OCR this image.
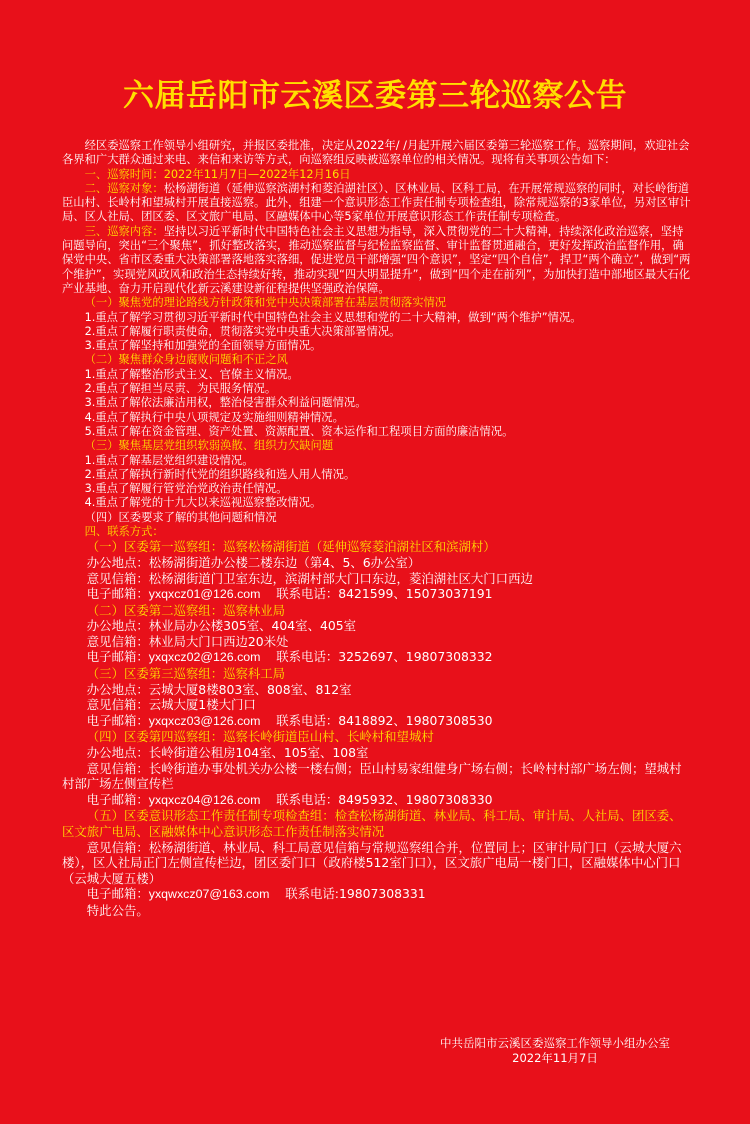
六届岳阳市云溪区委第三轮巡察公告

经区委巡察工作领导小组研究，并报区委批准，决定从2022年/ /月起开展六届区委第三轮巡察工作。巡察期间，欢迎社会各界和广大群众通过来电、来信和来访等方式，向巡察组反映被巡察单位的相关情况。现将有关事项公告如下：

一、巡察时间：2022年11月7日—2022年12月16日

二、巡察对象：松杨湖街道（延伸巡察滨湖村和菱泊湖社区）、区林业局、区科工局，在开展常规巡察的同时，对长岭街道臣山村、长岭村和望城村开展直接巡察。此外，组建一个意识形态工作责任制专项检查组，除常规巡察的3家单位，另对区审计局、区人社局、团区委、区文旅广电局、区融媒体中心等5家单位开展意识形态工作责任制专项检查。

三、巡察内容：坚持以习近平新时代中国特色社会主义思想为指导，深入贯彻党的二十大精神，持续深化政治巡察，坚持问题导向，突出“三个聚焦”，抓好整改落实，推动巡察监督与纪检监察监督、审计监督贯通融合，更好发挥政治监督作用，确保党中央、省市区委重大决策部署落地落实落细，促进党员干部增强“四个意识”，坚定“四个自信”，捍卫“两个确立”，做到“两个维护”，实现党风政风和政治生态持续好转，推动实现“四大明显提升”，做到“四个走在前列”，为加快打造中部地区最大石化产业基地、奋力开启现代化新云溪建设新征程提供坚强政治保障。

（一）聚焦党的理论路线方针政策和党中央决策部署在基层贯彻落实情况

1.重点了解学习贯彻习近平新时代中国特色社会主义思想和党的二十大精神，做到“两个维护”情况。

2.重点了解履行职责使命，贯彻落实党中央重大决策部署情况。

3.重点了解坚持和加强党的全面领导方面情况。

（二）聚焦群众身边腐败问题和不正之风

1.重点了解整治形式主义、官僚主义情况。

2.重点了解担当尽责、为民服务情况。

3.重点了解依法廉洁用权，整治侵害群众利益问题情况。

4.重点了解执行中央八项规定及实施细则精神情况。

5.重点了解在资金管理、资产处置、资源配置、资本运作和工程项目方面的廉洁情况。

（三）聚焦基层党组织软弱涣散、组织力欠缺问题

1.重点了解基层党组织建设情况。

2.重点了解执行新时代党的组织路线和选人用人情况。

3.重点了解履行管党治党政治责任情况。

4.重点了解党的十九大以来巡视巡察整改情况。

（四）区委要求了解的其他问题和情况

四、联系方式：

（一）区委第一巡察组：巡察松杨湖街道（延伸巡察菱泊湖社区和滨湖村）

办公地点：松杨湖街道办公楼二楼东边（第4、5、6办公室）

意见信箱：松杨湖街道门卫室东边，滨湖村部大门口东边，菱泊湖社区大门口西边

电子邮箱：yxqxcz01@126.com 联系电话：8421599、15073037191

（二）区委第二巡察组：巡察林业局

办公地点：林业局办公楼305室、404室、405室

意见信箱：林业局大门口西边20米处

电子邮箱：yxqxcz02@126.com 联系电话：3252697、19807308332

（三）区委第三巡察组：巡察科工局

办公地点：云城大厦8楼803室、808室、812室

意见信箱：云城大厦1楼大门口

电子邮箱：yxqxcz03@126.com 联系电话：8418892、19807308530

（四）区委第四巡察组：巡察长岭街道臣山村、长岭村和望城村

办公地点：长岭街道公租房104室、105室、108室

意见信箱：长岭街道办事处机关办公楼一楼右侧；臣山村易家组健身广场右侧；长岭村村部广场左侧；望城村村部广场左侧宣传栏

电子邮箱：yxqxcz04@126.com 联系电话：8495932、19807308330

（五）区委意识形态工作责任制专项检查组：检查松杨湖街道、林业局、科工局、审计局、人社局、团区委、区文旅广电局、区融媒体中心意识形态工作责任制落实情况

意见信箱：松杨湖街道、林业局、科工局意见信箱与常规巡察组合并，位置同上；区审计局门口（云城大厦六楼），区人社局正门左侧宣传栏边，团区委门口（政府楼512室门口），区文旅广电局一楼门口，区融媒体中心门口（云城大厦五楼）

电子邮箱：yxqwxcz07@163.com 联系电话:19807308331

特此公告。

中共岳阳市云溪区委巡察工作领导小组办公室
2022年11月7日
